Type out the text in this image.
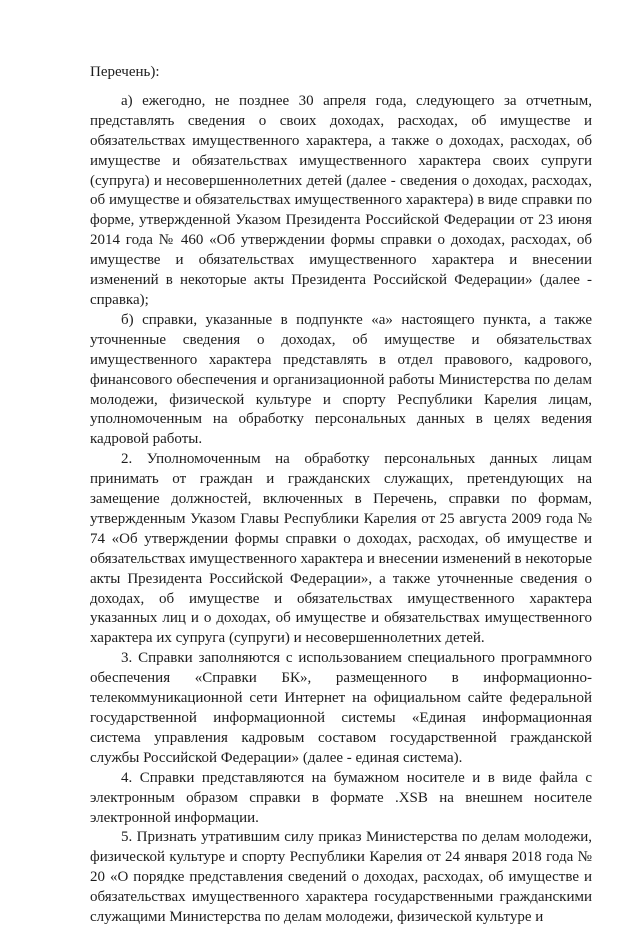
Перечень):

а) ежегодно, не позднее 30 апреля года, следующего за отчетным, представлять сведения о своих доходах, расходах, об имуществе и обязательствах имущественного характера, а также о доходах, расходах, об имуществе и обязательствах имущественного характера своих супруги (супруга) и несовершеннолетних детей (далее - сведения о доходах, расходах, об имуществе и обязательствах имущественного характера) в виде справки по форме, утвержденной Указом Президента Российской Федерации от 23 июня 2014 года № 460 «Об утверждении формы справки о доходах, расходах, об имуществе и обязательствах имущественного характера и внесении изменений в некоторые акты Президента Российской Федерации» (далее - справка);

б) справки, указанные в подпункте «а» настоящего пункта, а также уточненные сведения о доходах, об имуществе и обязательствах имущественного характера представлять в отдел правового, кадрового, финансового обеспечения и организационной работы Министерства по делам молодежи, физической культуре и спорту Республики Карелия лицам, уполномоченным на обработку персональных данных в целях ведения кадровой работы.

2. Уполномоченным на обработку персональных данных лицам принимать от граждан и гражданских служащих, претендующих на замещение должностей, включенных в Перечень, справки по формам, утвержденным Указом Главы Республики Карелия от 25 августа 2009 года № 74 «Об утверждении формы справки о доходах, расходах, об имуществе и обязательствах имущественного характера и внесении изменений в некоторые акты Президента Российской Федерации», а также уточненные сведения о доходах, об имуществе и обязательствах имущественного характера указанных лиц и о доходах, об имуществе и обязательствах имущественного характера их супруга (супруги) и несовершеннолетних детей.

3. Справки заполняются с использованием специального программного обеспечения «Справки БК», размещенного в информационно-телекоммуникационной сети Интернет на официальном сайте федеральной государственной информационной системы «Единая информационная система управления кадровым составом государственной гражданской службы Российской Федерации» (далее - единая система).

4. Справки представляются на бумажном носителе и в виде файла с электронным образом справки в формате .XSB на внешнем носителе электронной информации.

5. Признать утратившим силу приказ Министерства по делам молодежи, физической культуре и спорту Республики Карелия от 24 января 2018 года № 20 «О порядке представления сведений о доходах, расходах, об имуществе и обязательствах имущественного характера государственными гражданскими служащими Министерства по делам молодежи, физической культуре и
